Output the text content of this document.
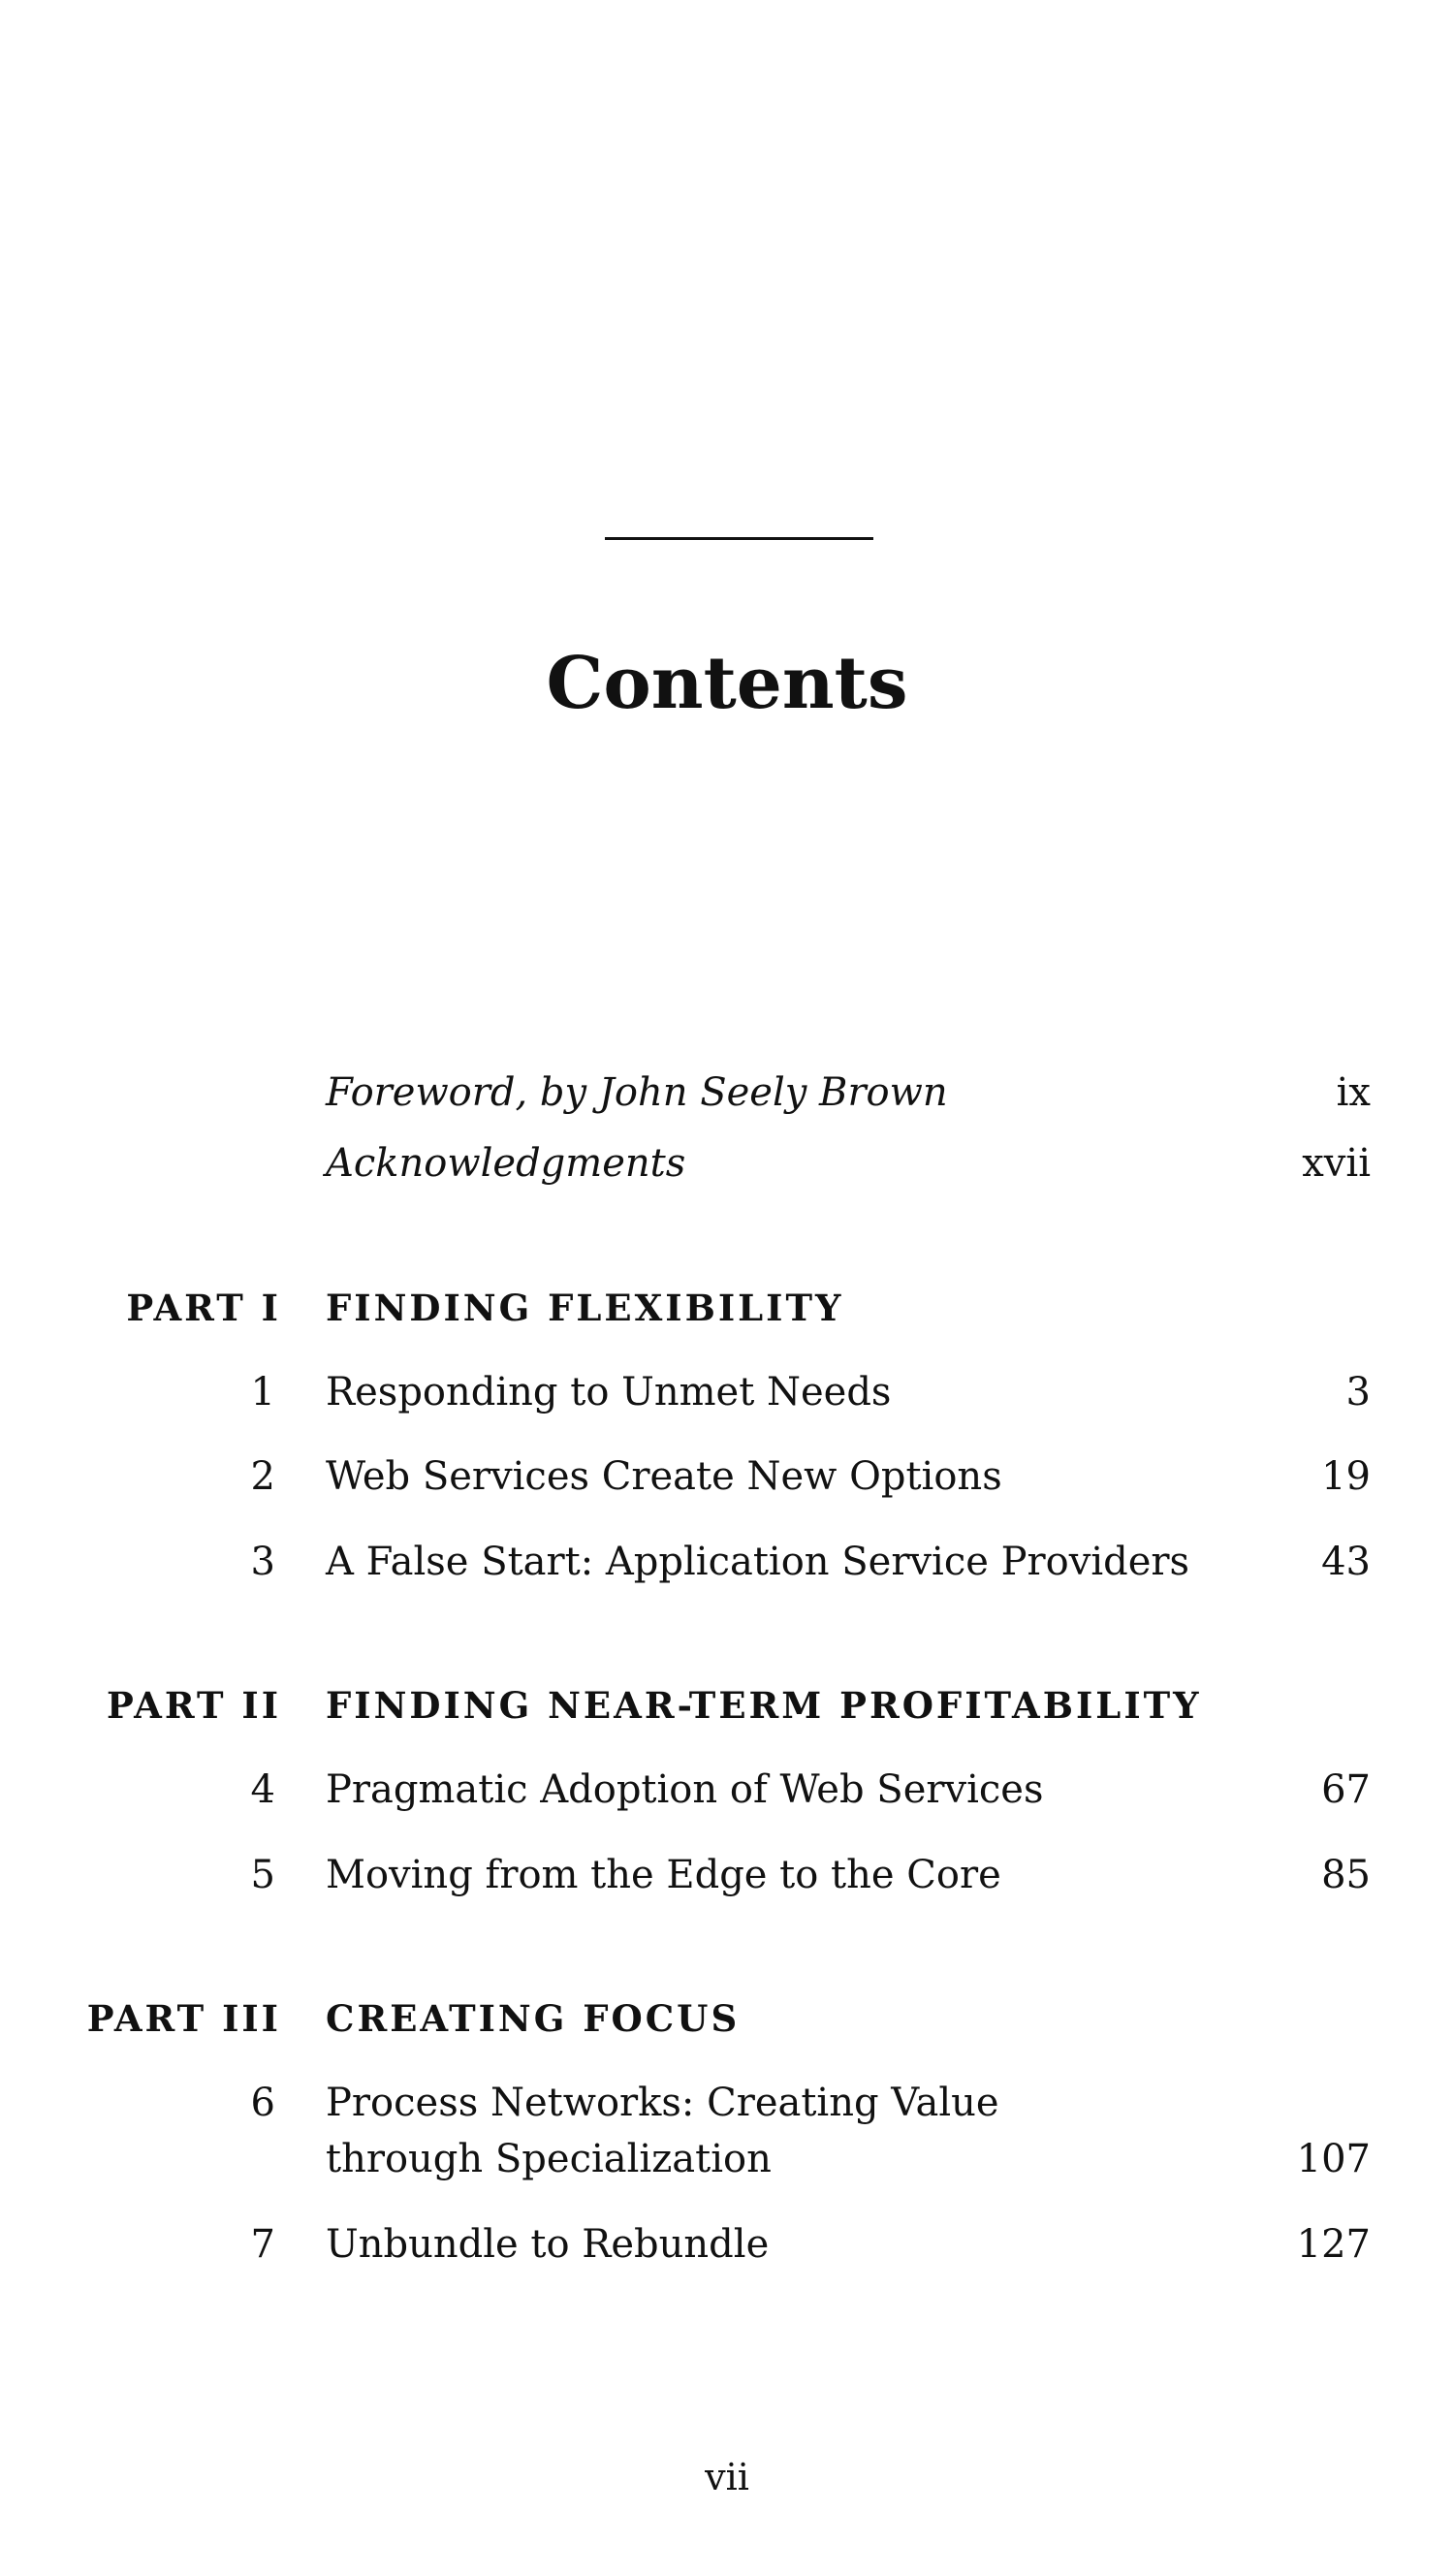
Contents
Foreword, by John Seely Brown	ix
Acknowledgments	xvii
PART I FINDING FLEXIBILITY
1 Responding to Unmet Needs	3
2 Web Services Create New Options	19
3 A False Start: Application Service Providers	43
PART II FINDING NEAR-TERM PROFITABILITY
4 Pragmatic Adoption of Web Services	67
5 Moving from the Edge to the Core	85
PART III CREATING FOCUS
6 Process Networks: Creating Value
through Specialization	107
7 Unbundle to Rebundle	127
vii
